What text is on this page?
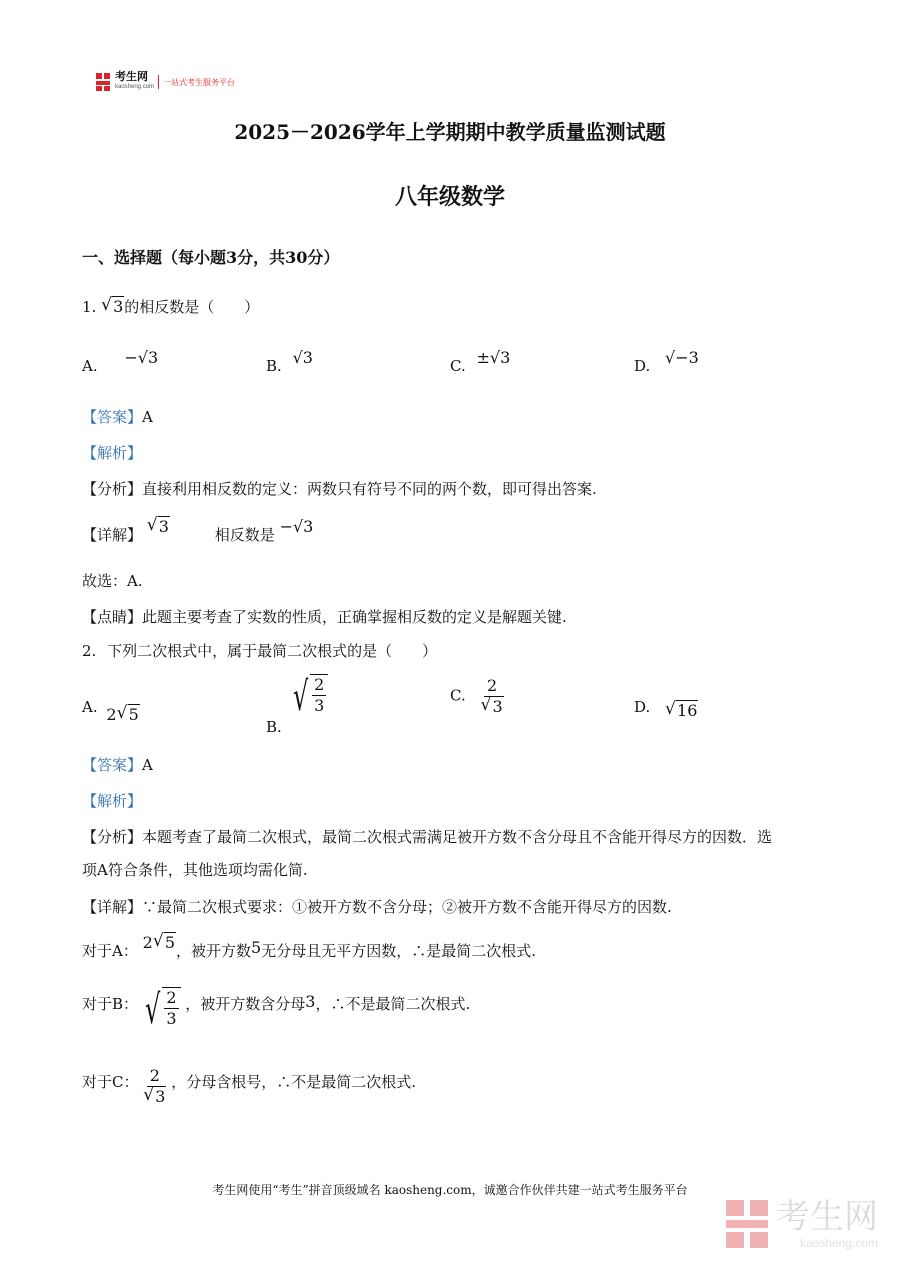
考生网
kaosheng.com
一站式考生服务平台
2025－2026学年上学期期中教学质量监测试题
八年级数学
一、选择题（每小题3分，共30分）
1. √ 3的相反数是（　　）
A. −√3	B. √3	C. ±√3	D. √−3
【答案】A
【解析】
【分析】直接利用相反数的定义：两数只有符号不同的两个数，即可得出答案.
【详解】 √ 3	相反数是 −√3
故选：A.
【点睛】此题主要考查了实数的性质，正确掌握相反数的定义是解题关键.
2. 下列二次根式中，属于最简二次根式的是（　　）
A. 2 √ 5
B.
√ $\frac{2}{3}$	C. $\frac{2}{√ 3}$	D. √ 16
【答案】A
【解析】
【分析】本题考查了最简二次根式，最简二次根式需满足被开方数不含分母且不含能开得尽方的因数．选
项A符合条件，其他选项均需化简.
【详解】∵最简二次根式要求：①被开方数不含分母；②被开方数不含能开得尽方的因数.
对于A： 2 √ 5，被开方数5无分母且无平方因数，∴是最简二次根式.
对于B： √ $\frac{2}{3}$ ，被开方数含分母3，∴不是最简二次根式.
对于C： $\frac{2}{√ 3}$ ，分母含根号，∴不是最简二次根式.
考生网使用“考生”拼音顶级域名 kaosheng.com，诚邀合作伙伴共建一站式考生服务平台
考生网
kaosheng.com
